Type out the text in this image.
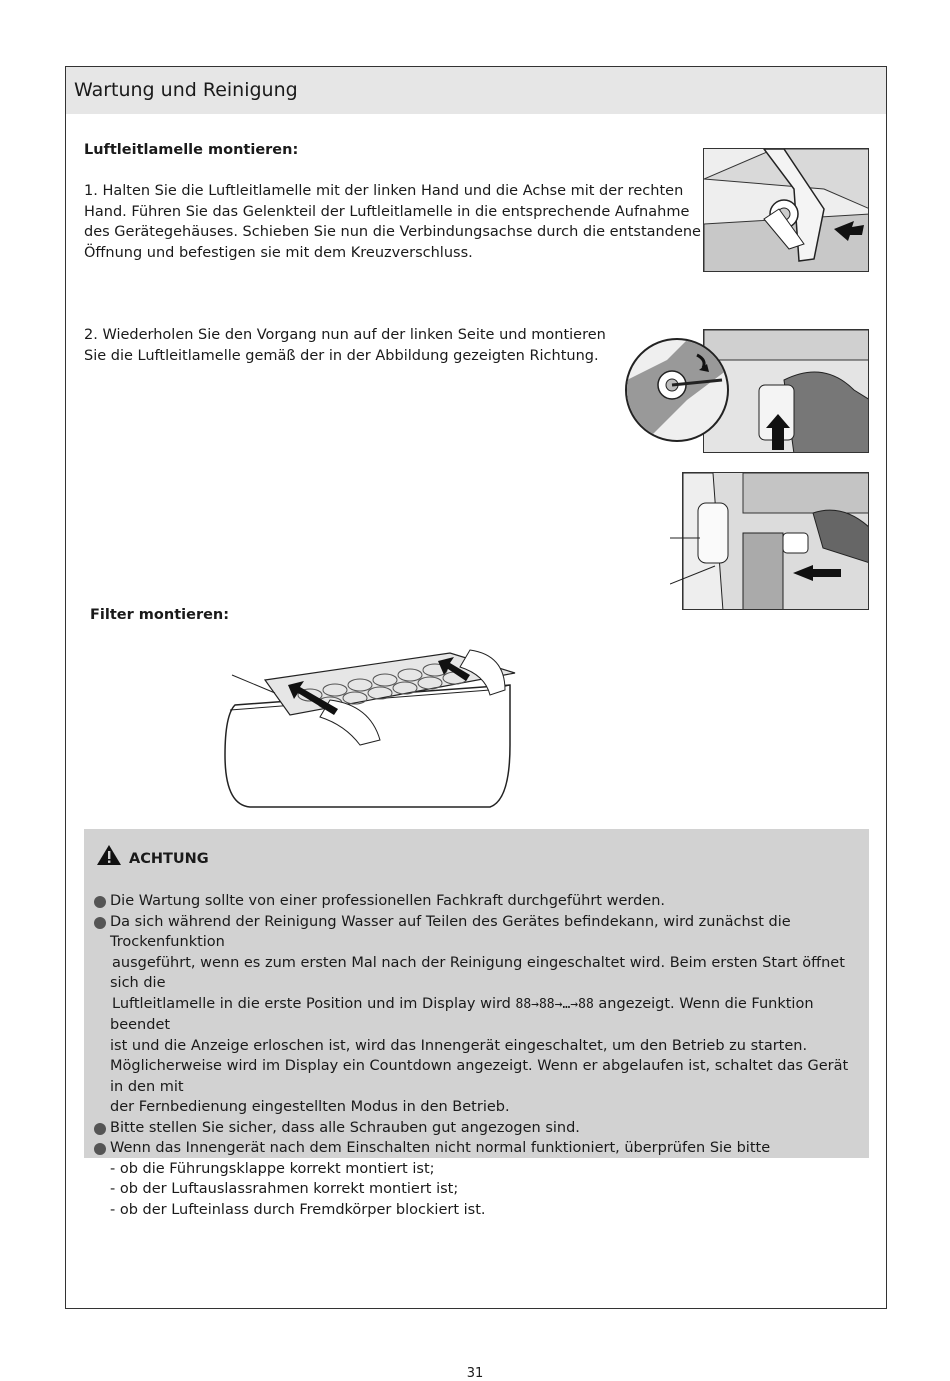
Wartung und Reinigung
Luftleitlamelle montieren:
1. Halten Sie die Luftleitlamelle mit der linken Hand und die Achse mit der rechten
Hand. Führen Sie das Gelenkteil der Luftleitlamelle in die entsprechende Aufnahme
des Gerätegehäuses. Schieben Sie nun die Verbindungsachse durch die entstandene
Öffnung und befestigen sie mit dem Kreuzverschluss.
2. Wiederholen Sie den Vorgang nun auf der linken Seite und montieren
Sie die Luftleitlamelle gemäß der in der Abbildung gezeigten Richtung.
Filter montieren:
ACHTUNG
Die Wartung sollte von einer professionellen Fachkraft durchgeführt werden.
Da sich während der Reinigung Wasser auf Teilen des Gerätes befindekann, wird zunächst die Trockenfunktion
ausgeführt, wenn es zum ersten Mal nach der Reinigung eingeschaltet wird. Beim ersten Start öffnet sich die
Luftleitlamelle in die erste Position und im Display wird 88→88→…→88 angezeigt. Wenn die Funktion beendet
ist und die Anzeige erloschen ist, wird das Innengerät eingeschaltet, um den Betrieb zu starten.
Möglicherweise wird im Display ein Countdown angezeigt. Wenn er abgelaufen ist, schaltet das Gerät in den mit
der Fernbedienung eingestellten Modus in den Betrieb.
Bitte stellen Sie sicher, dass alle Schrauben gut angezogen sind.
Wenn das Innengerät nach dem Einschalten nicht normal funktioniert, überprüfen Sie bitte
- ob die Führungsklappe korrekt montiert ist;
- ob der Luftauslassrahmen korrekt montiert ist;
- ob der Lufteinlass durch Fremdkörper blockiert ist.
31
